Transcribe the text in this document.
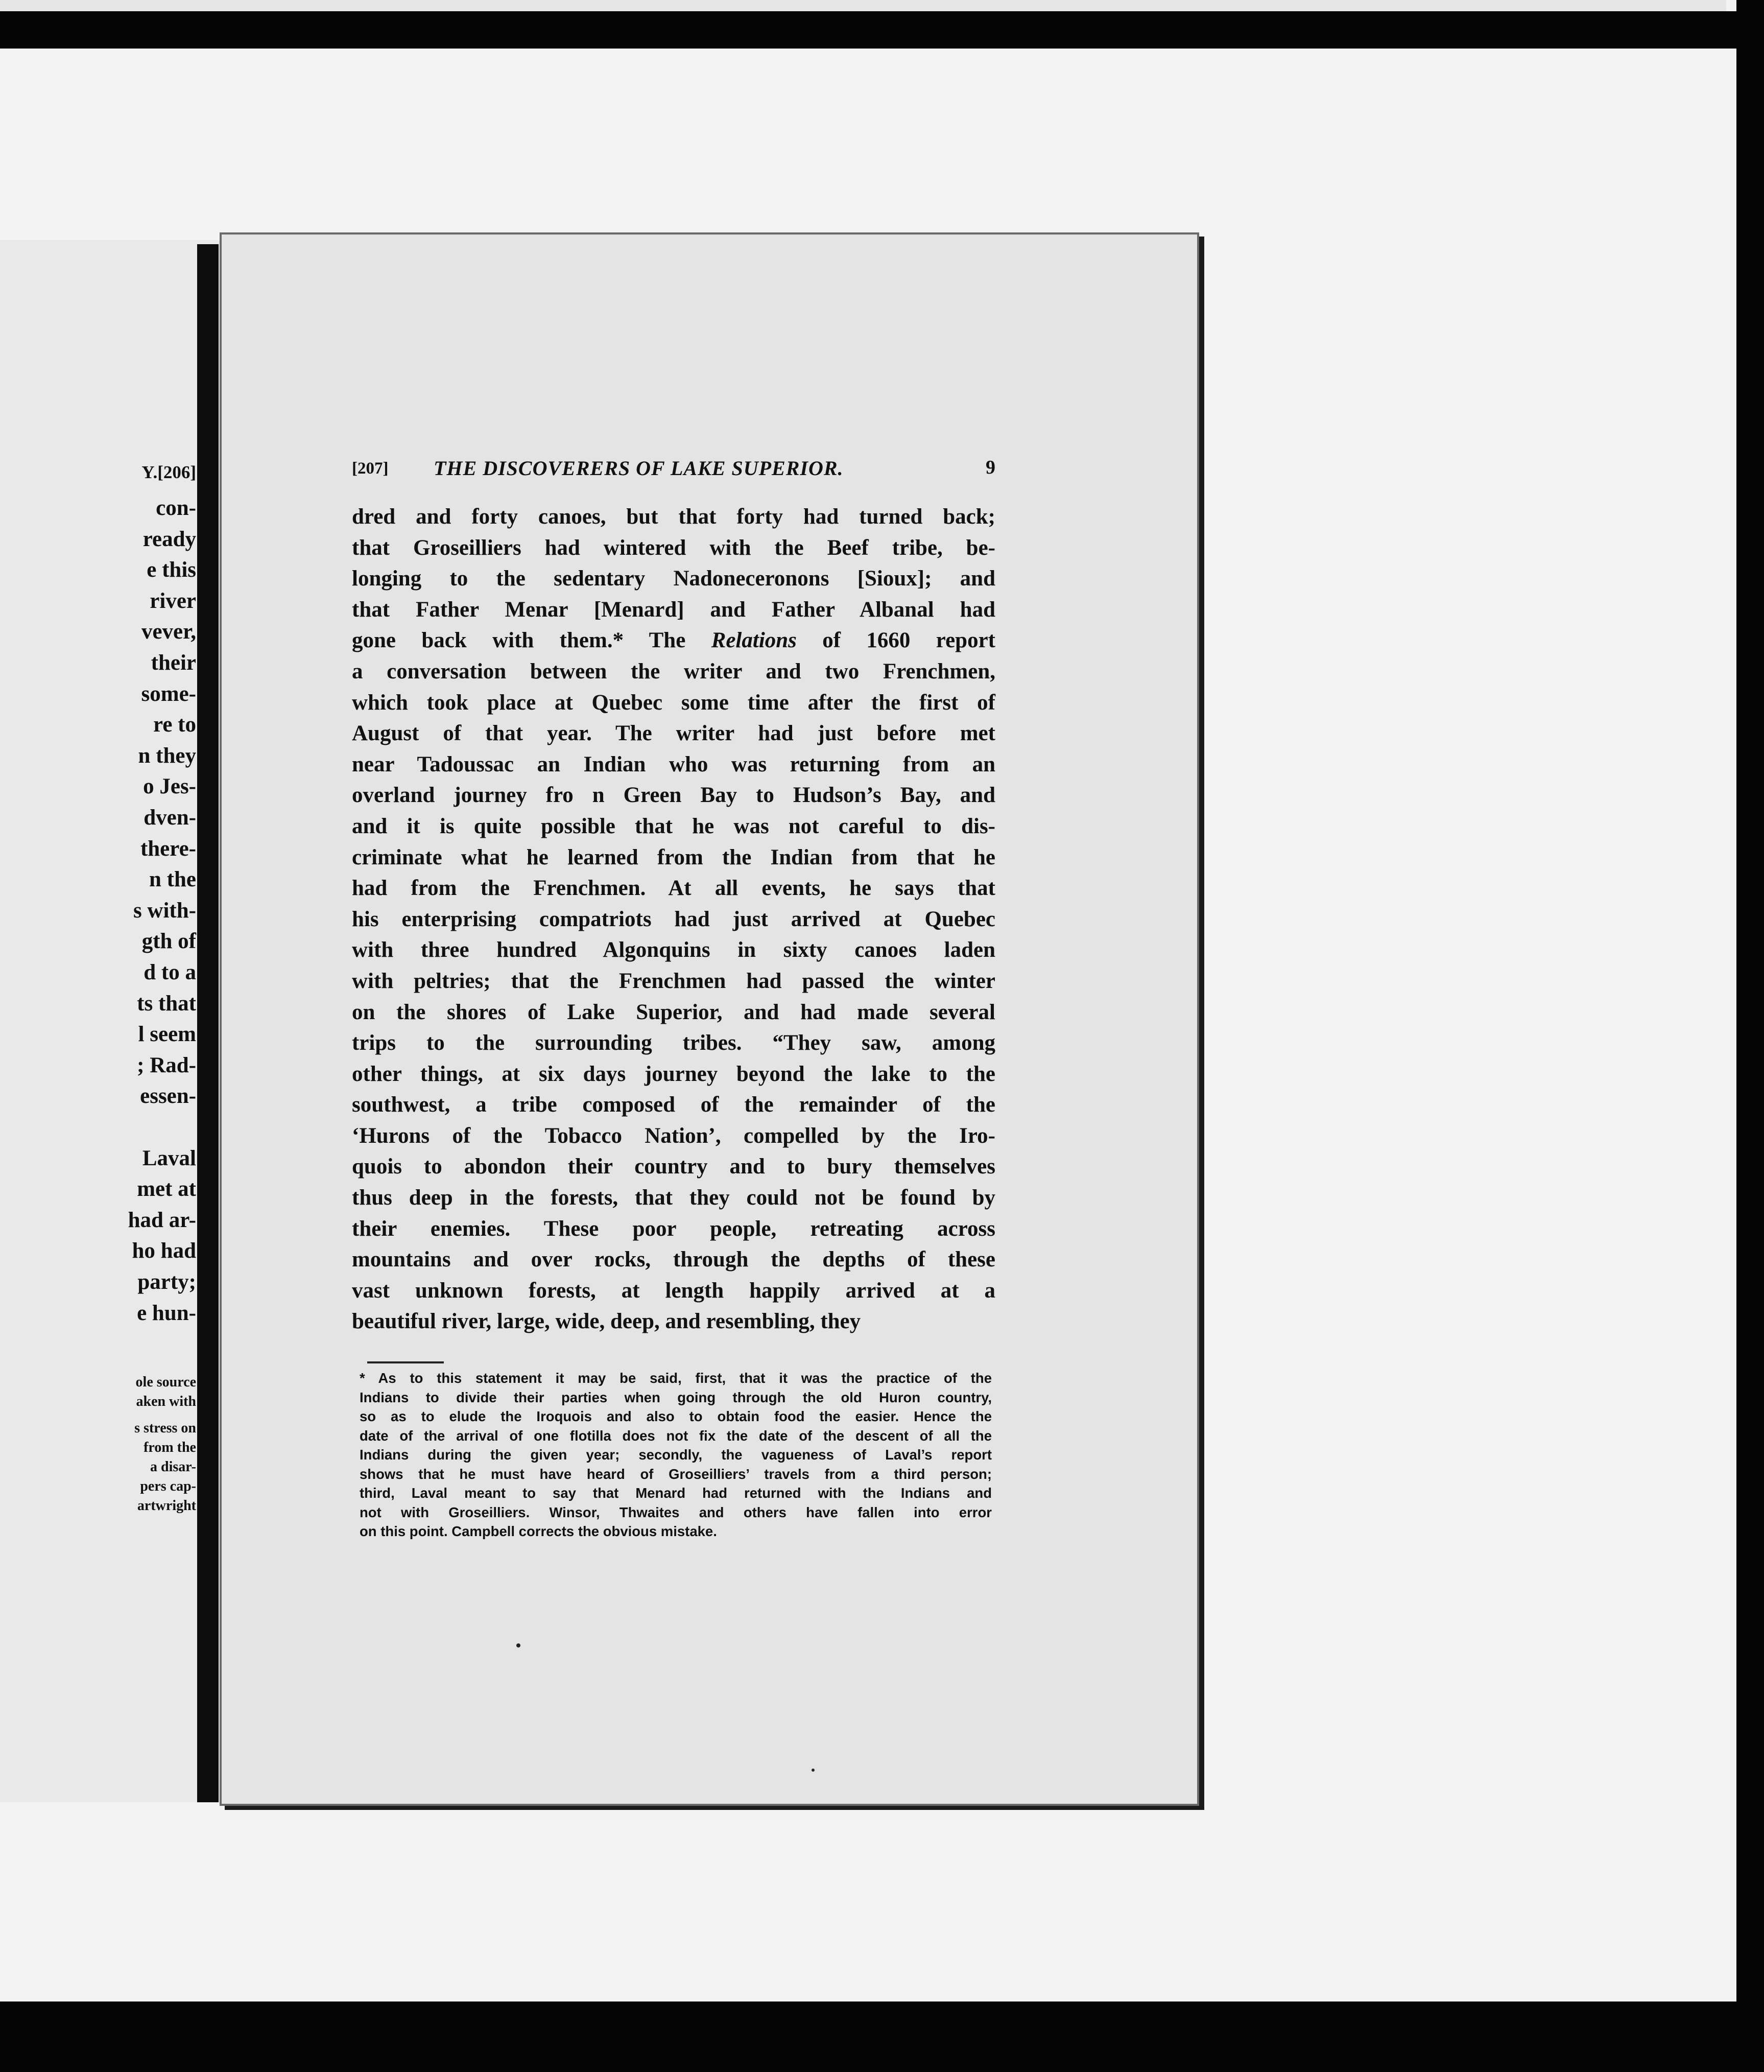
Y.[206]
con-
ready
e this
river
vever,
their
some-
re to
n they
o Jes-
dven-
there-
n the
s with-
gth of
d to a
ts that
l seem
; Rad-
essen-
Laval
met at
had ar-
ho had
party;
e hun-
ole source
aken with
s stress on
from the
a disar-
pers cap-
artwright
[207] THE DISCOVERERS OF LAKE SUPERIOR.	9
dred and forty canoes, but that forty had turned back;
that Groseilliers had wintered with the Beef tribe, be-
longing to the sedentary Nadoneceronons [Sioux]; and
that Father Menar [Menard] and Father Albanal had
gone back with them.* The Relations of 1660 report
a conversation between the writer and two Frenchmen,
which took place at Quebec some time after the first of
August of that year. The writer had just before met
near Tadoussac an Indian who was returning from an
overland journey fro n Green Bay to Hudson’s Bay, and
and it is quite possible that he was not careful to dis-
criminate what he learned from the Indian from that he
had from the Frenchmen. At all events, he says that
his enterprising compatriots had just arrived at Quebec
with three hundred Algonquins in sixty canoes laden
with peltries; that the Frenchmen had passed the winter
on the shores of Lake Superior, and had made several
trips to the surrounding tribes. “They saw, among
other things, at six days journey beyond the lake to the
southwest, a tribe composed of the remainder of the
‘Hurons of the Tobacco Nation’, compelled by the Iro-
quois to abondon their country and to bury themselves
thus deep in the forests, that they could not be found by
their enemies. These poor people, retreating across
mountains and over rocks, through the depths of these
vast unknown forests, at length happily arrived at a
beautiful river, large, wide, deep, and resembling, they
* As to this statement it may be said, first, that it was the practice of the
Indians to divide their parties when going through the old Huron country,
so as to elude the Iroquois and also to obtain food the easier. Hence the
date of the arrival of one flotilla does not fix the date of the descent of all the
Indians during the given year; secondly, the vagueness of Laval’s report
shows that he must have heard of Groseilliers’ travels from a third person;
third, Laval meant to say that Menard had returned with the Indians and
not with Groseilliers. Winsor, Thwaites and others have fallen into error
on this point. Campbell corrects the obvious mistake.
